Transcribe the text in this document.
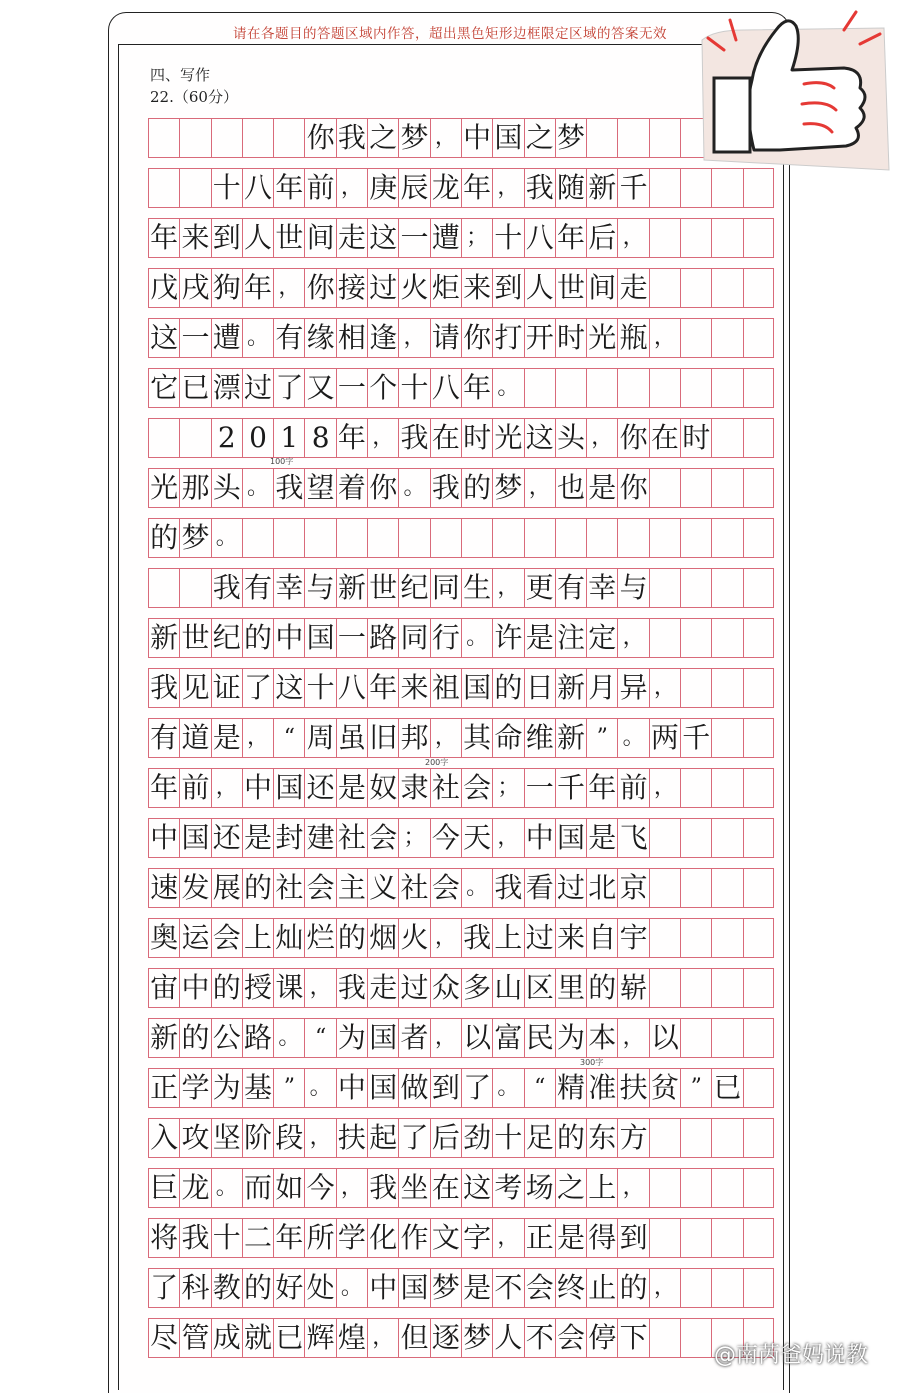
请在各题目的答题区域内作答，超出黑色矩形边框限定区域的答案无效
四、写作
22.（60分）
你 我 之 梦 ， 中 国 之 梦
十 八 年 前 ， 庚 辰 龙 年 ， 我 随 新 千
年 来 到 人 世 间 走 这 一 遭 ； 十 八 年 后 ，
戊 戌 狗 年 ， 你 接 过 火 炬 来 到 人 世 间 走
这 一 遭 。 有 缘 相 逢 ， 请 你 打 开 时 光 瓶 ，
它 已 漂 过 了 又 一 个 十 八 年 。
2 0 1 8 年 ， 我 在 时 光 这 头 ， 你 在 时
光 那 头 。 我 望 着 你 。 我 的 梦 ， 也 是 你
的 梦 。
我 有 幸 与 新 世 纪 同 生 ， 更 有 幸 与
新 世 纪 的 中 国 一 路 同 行 。 许 是 注 定 ，
我 见 证 了 这 十 八 年 来 祖 国 的 日 新 月 异 ，
有 道 是 ， “ 周 虽 旧 邦 ， 其 命 维 新 ” 。 两 千
年 前 ， 中 国 还 是 奴 隶 社 会 ； 一 千 年 前 ，
中 国 还 是 封 建 社 会 ； 今 天 ， 中 国 是 飞
速 发 展 的 社 会 主 义 社 会 。 我 看 过 北 京
奥 运 会 上 灿 烂 的 烟 火 ， 我 上 过 来 自 宇
宙 中 的 授 课 ， 我 走 过 众 多 山 区 里 的 崭
新 的 公 路 。 “ 为 国 者 ， 以 富 民 为 本 ， 以
正 学 为 基 ” 。 中 国 做 到 了 。 “ 精 准 扶 贫 ” 已
入 攻 坚 阶 段 ， 扶 起 了 后 劲 十 足 的 东 方
巨 龙 。 而 如 今 ， 我 坐 在 这 考 场 之 上 ，
将 我 十 二 年 所 学 化 作 文 字 ， 正 是 得 到
了 科 教 的 好 处 。 中 国 梦 是 不 会 终 止 的 ，
尽 管 成 就 已 辉 煌 ， 但 逐 梦 人 不 会 停 下
100字
200字
300字
@南芮爸妈说教
